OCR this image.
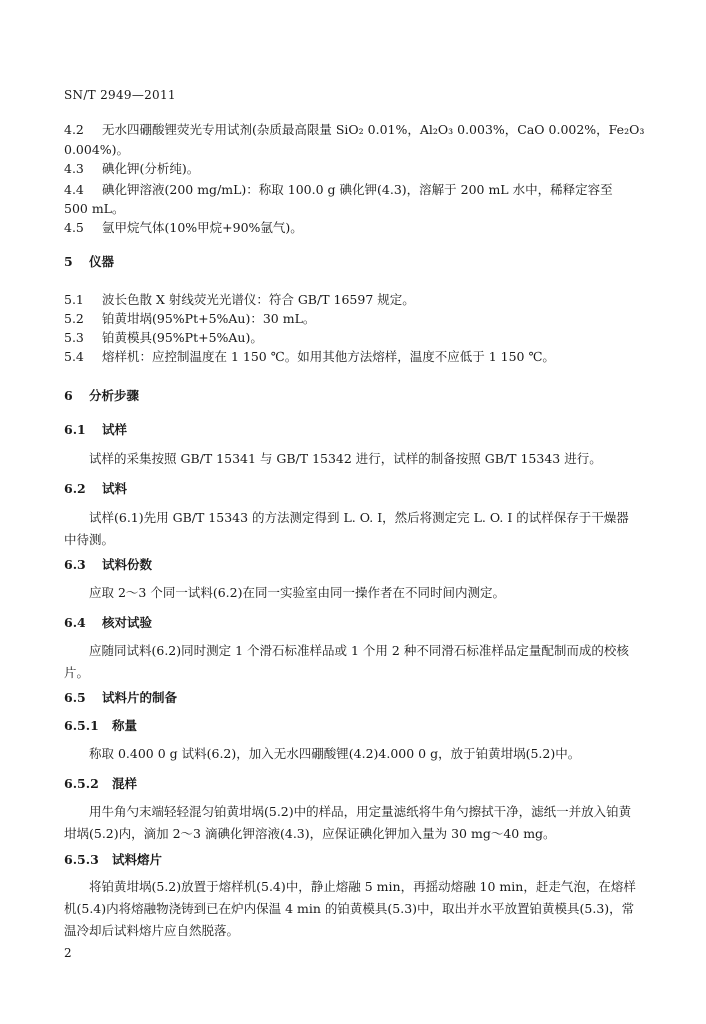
SN/T 2949—2011
4.2 无水四硼酸锂荧光专用试剂(杂质最高限量 SiO₂ 0.01%，Al₂O₃ 0.003%，CaO 0.002%，Fe₂O₃
0.004%)。
4.3 碘化钾(分析纯)。
4.4 碘化钾溶液(200 mg/mL)：称取 100.0 g 碘化钾(4.3)，溶解于 200 mL 水中，稀释定容至
500 mL。
4.5 氩甲烷气体(10%甲烷+90%氩气)。
5 仪器
5.1 波长色散 X 射线荧光光谱仪：符合 GB/T 16597 规定。
5.2 铂黄坩埚(95%Pt+5%Au)：30 mL。
5.3 铂黄模具(95%Pt+5%Au)。
5.4 熔样机：应控制温度在 1 150 ℃。如用其他方法熔样，温度不应低于 1 150 ℃。
6 分析步骤
6.1 试样
试样的采集按照 GB/T 15341 与 GB/T 15342 进行，试样的制备按照 GB/T 15343 进行。
6.2 试料
试样(6.1)先用 GB/T 15343 的方法测定得到 L. O. I，然后将测定完 L. O. I 的试样保存于干燥器中待测。
6.3 试料份数
应取 2～3 个同一试料(6.2)在同一实验室由同一操作者在不同时间内测定。
6.4 核对试验
应随同试料(6.2)同时测定 1 个滑石标准样品或 1 个用 2 种不同滑石标准样品定量配制而成的校核片。
6.5 试料片的制备
6.5.1 称量
称取 0.400 0 g 试料(6.2)，加入无水四硼酸锂(4.2)4.000 0 g，放于铂黄坩埚(5.2)中。
6.5.2 混样
用牛角勺末端轻轻混匀铂黄坩埚(5.2)中的样品，用定量滤纸将牛角勺擦拭干净，滤纸一并放入铂黄坩埚(5.2)内，滴加 2～3 滴碘化钾溶液(4.3)，应保证碘化钾加入量为 30 mg～40 mg。
6.5.3 试料熔片
将铂黄坩埚(5.2)放置于熔样机(5.4)中，静止熔融 5 min，再摇动熔融 10 min，赶走气泡，在熔样机(5.4)内将熔融物浇铸到已在炉内保温 4 min 的铂黄模具(5.3)中，取出并水平放置铂黄模具(5.3)，常温冷却后试料熔片应自然脱落。
2
